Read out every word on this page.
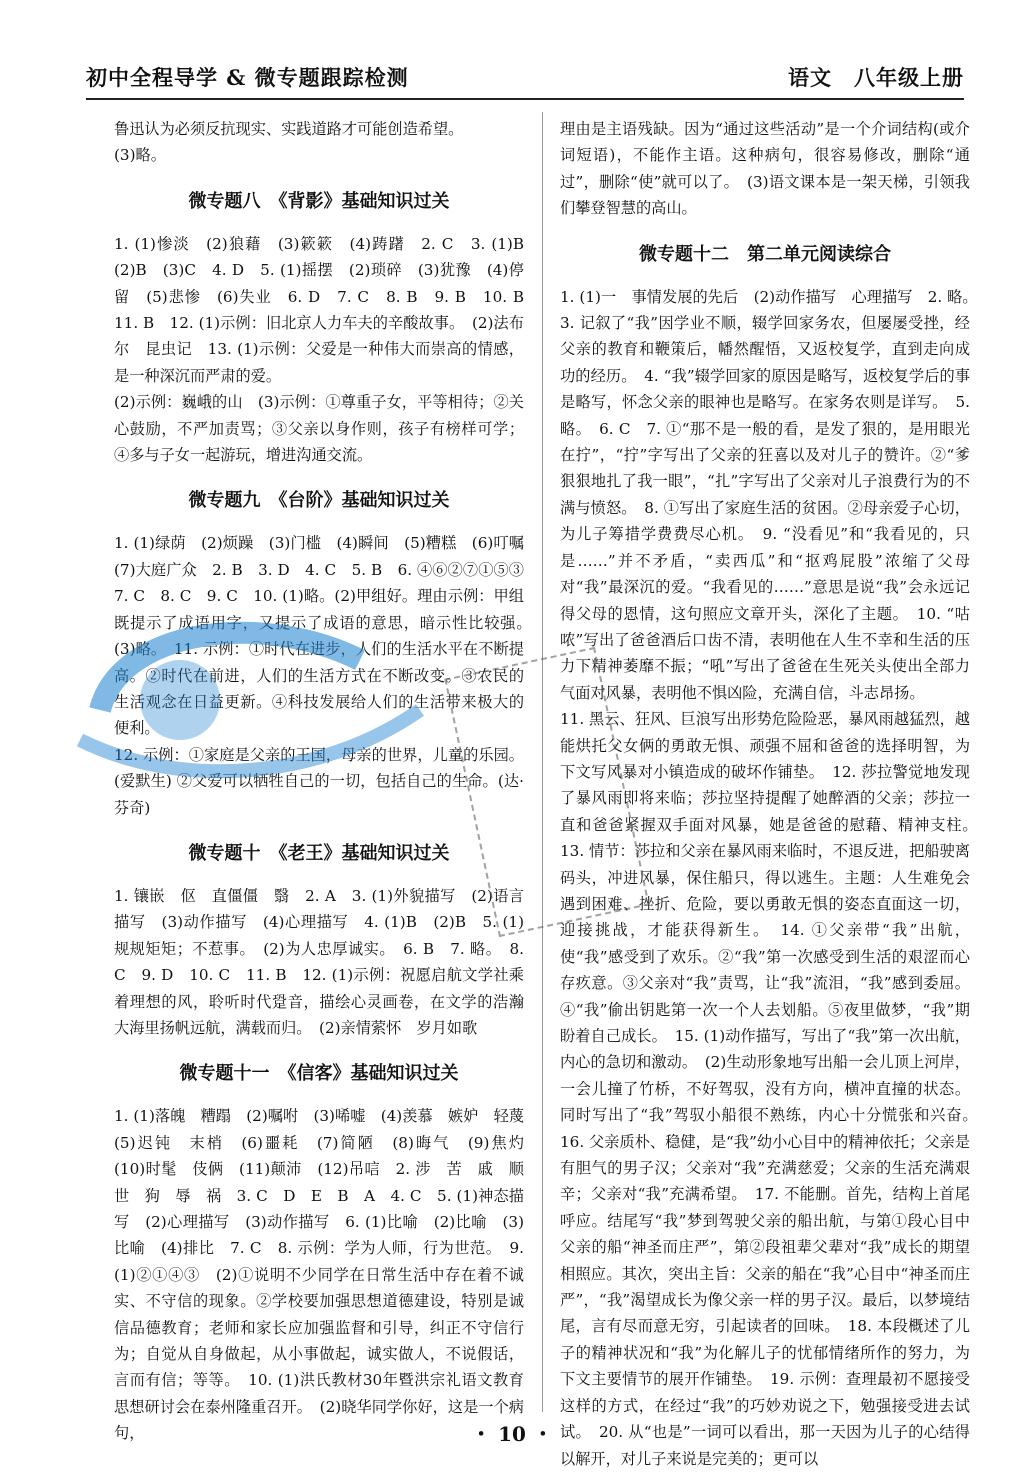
初中全程导学 & 微专题跟踪检测	语文　八年级上册

鲁迅认为必须反抗现实、实践道路才可能创造希望。

(3)略。

微专题八　《背影》基础知识过关

1. (1)惨淡　(2)狼藉　(3)簌簌　(4)踌躇　2. C　3. (1)B　(2)B　(3)C　4. D　5. (1)摇摆　(2)琐碎　(3)犹豫　(4)停留　(5)悲惨　(6)失业　6. D　7. C　8. B　9. B　10. B　11. B　12. (1)示例：旧北京人力车夫的辛酸故事。　(2)法布尔　昆虫记　13. (1)示例：父爱是一种伟大而崇高的情感，是一种深沉而严肃的爱。

(2)示例：巍峨的山　(3)示例：①尊重子女，平等相待；②关心鼓励，不严加责骂；③父亲以身作则，孩子有榜样可学；④多与子女一起游玩，增进沟通交流。

微专题九　《台阶》基础知识过关

1. (1)绿荫　(2)烦躁　(3)门槛　(4)瞬间　(5)糟糕　(6)叮嘱　(7)大庭广众　2. B　3. D　4. C　5. B　6. ④⑥②⑦①⑤③　7. C　8. C　9. C　10. (1)略。(2)甲组好。理由示例：甲组既提示了成语用字，又提示了成语的意思，暗示性比较强。　(3)略。　11. 示例：①时代在进步，人们的生活水平在不断提高。②时代在前进，人们的生活方式在不断改变。③农民的生活观念在日益更新。④科技发展给人们的生活带来极大的便利。

12. 示例：①家庭是父亲的王国，母亲的世界，儿童的乐园。(爱默生) ②父爱可以牺牲自己的一切，包括自己的生命。(达·芬奇)

微专题十　《老王》基础知识过关

1. 镶嵌　伛　直僵僵　翳　2. A　3. (1)外貌描写　(2)语言描写　(3)动作描写　(4)心理描写　4. (1)B　(2)B　5. (1)规规矩矩；不惹事。　(2)为人忠厚诚实。　6. B　7. 略。　8. C　9. D　10. C　11. B　12. (1)示例：祝愿启航文学社乘着理想的风，聆听时代跫音，描绘心灵画卷，在文学的浩瀚大海里扬帆远航，满载而归。　(2)亲情萦怀　岁月如歌

微专题十一　《信客》基础知识过关

1. (1)落魄　糟蹋　(2)嘱咐　(3)唏嘘　(4)羡慕　嫉妒　轻蔑　(5)迟钝　末梢　(6)噩耗　(7)简陋　(8)晦气　(9)焦灼　(10)时髦　伎俩　(11)颠沛　(12)吊唁　2. 涉　苦　戚　顺　世　狗　辱　祸　3. C　D　E　B　A　4. C　5. (1)神态描写　(2)心理描写　(3)动作描写　6. (1)比喻　(2)比喻　(3)比喻　(4)排比　7. C　8. 示例：学为人师，行为世范。　9. (1)②①④③　(2)①说明不少同学在日常生活中存在着不诚实、不守信的现象。②学校要加强思想道德建设，特别是诚信品德教育；老师和家长应加强监督和引导，纠正不守信行为；自觉从自身做起，从小事做起，诚实做人，不说假话，言而有信；等等。　10. (1)洪氏教材30年暨洪宗礼语文教育思想研讨会在泰州隆重召开。　(2)晓华同学你好，这是一个病句，

理由是主语残缺。因为“通过这些活动”是一个介词结构(或介词短语)，不能作主语。这种病句，很容易修改，删除“通过”，删除“使”就可以了。　(3)语文课本是一架天梯，引领我们攀登智慧的高山。

微专题十二　第二单元阅读综合

1. (1)一　事情发展的先后　(2)动作描写　心理描写　2. 略。　3. 记叙了“我”因学业不顺，辍学回家务农，但屡屡受挫，经父亲的教育和鞭策后，幡然醒悟，又返校复学，直到走向成功的经历。　4. “我”辍学回家的原因是略写，返校复学后的事是略写，怀念父亲的眼神也是略写。在家务农则是详写。　5. 略。　6. C　7. ①“那不是一般的看，是发了狠的，是用眼光在拧”，“拧”字写出了父亲的狂喜以及对儿子的赞许。②“爹狠狠地扎了我一眼”，“扎”字写出了父亲对儿子浪费行为的不满与愤怒。　8. ①写出了家庭生活的贫困。②母亲爱子心切，为儿子筹措学费费尽心机。　9. “没看见”和“我看见的，只是……”并不矛盾，“卖西瓜”和“抠鸡屁股”浓缩了父母对“我”最深沉的爱。“我看见的……”意思是说“我”会永远记得父母的恩情，这句照应文章开头，深化了主题。　10. “咕哝”写出了爸爸酒后口齿不清，表明他在人生不幸和生活的压力下精神萎靡不振；“吼”写出了爸爸在生死关头使出全部力气面对风暴，表明他不惧凶险，充满自信，斗志昂扬。

11. 黑云、狂风、巨浪写出形势危险险恶，暴风雨越猛烈，越能烘托父女俩的勇敢无惧、顽强不屈和爸爸的选择明智，为下文写风暴对小镇造成的破坏作铺垫。　12. 莎拉警觉地发现了暴风雨即将来临；莎拉坚持提醒了她醉酒的父亲；莎拉一直和爸爸紧握双手面对风暴，她是爸爸的慰藉、精神支柱。　13. 情节：莎拉和父亲在暴风雨来临时，不退反进，把船驶离码头，冲进风暴，保住船只，得以逃生。主题：人生难免会遇到困难、挫折、危险，要以勇敢无惧的姿态直面这一切，迎接挑战，才能获得新生。　14. ①父亲带“我”出航，使“我”感受到了欢乐。②“我”第一次感受到生活的艰涩而心存疚意。③父亲对“我”责骂，让“我”流泪，“我”感到委屈。④“我”偷出钥匙第一次一个人去划船。⑤夜里做梦，“我”期盼着自己成长。　15. (1)动作描写，写出了“我”第一次出航，内心的急切和激动。　(2)生动形象地写出船一会儿顶上河岸，一会儿撞了竹桥，不好驾驭，没有方向，横冲直撞的状态。同时写出了“我”驾驭小船很不熟练，内心十分慌张和兴奋。　16. 父亲质朴、稳健，是“我”幼小心目中的精神依托；父亲是有胆气的男子汉；父亲对“我”充满慈爱；父亲的生活充满艰辛；父亲对“我”充满希望。　17. 不能删。首先，结构上首尾呼应。结尾写“我”梦到驾驶父亲的船出航，与第①段心目中父亲的船“神圣而庄严”，第②段祖辈父辈对“我”成长的期望相照应。其次，突出主旨：父亲的船在“我”心目中“神圣而庄严”，“我”渴望成长为像父亲一样的男子汉。最后，以梦境结尾，言有尽而意无穷，引起读者的回味。　18. 本段概述了儿子的精神状况和“我”为化解儿子的忧郁情绪所作的努力，为下文主要情节的展开作铺垫。　19. 示例：查理最初不愿接受这样的方式，在经过“我”的巧妙劝说之下，勉强接受进去试试。　20. 从“也是”一词可以看出，那一天因为儿子的心结得以解开，对儿子来说是完美的；更可以

・ 10 ・
